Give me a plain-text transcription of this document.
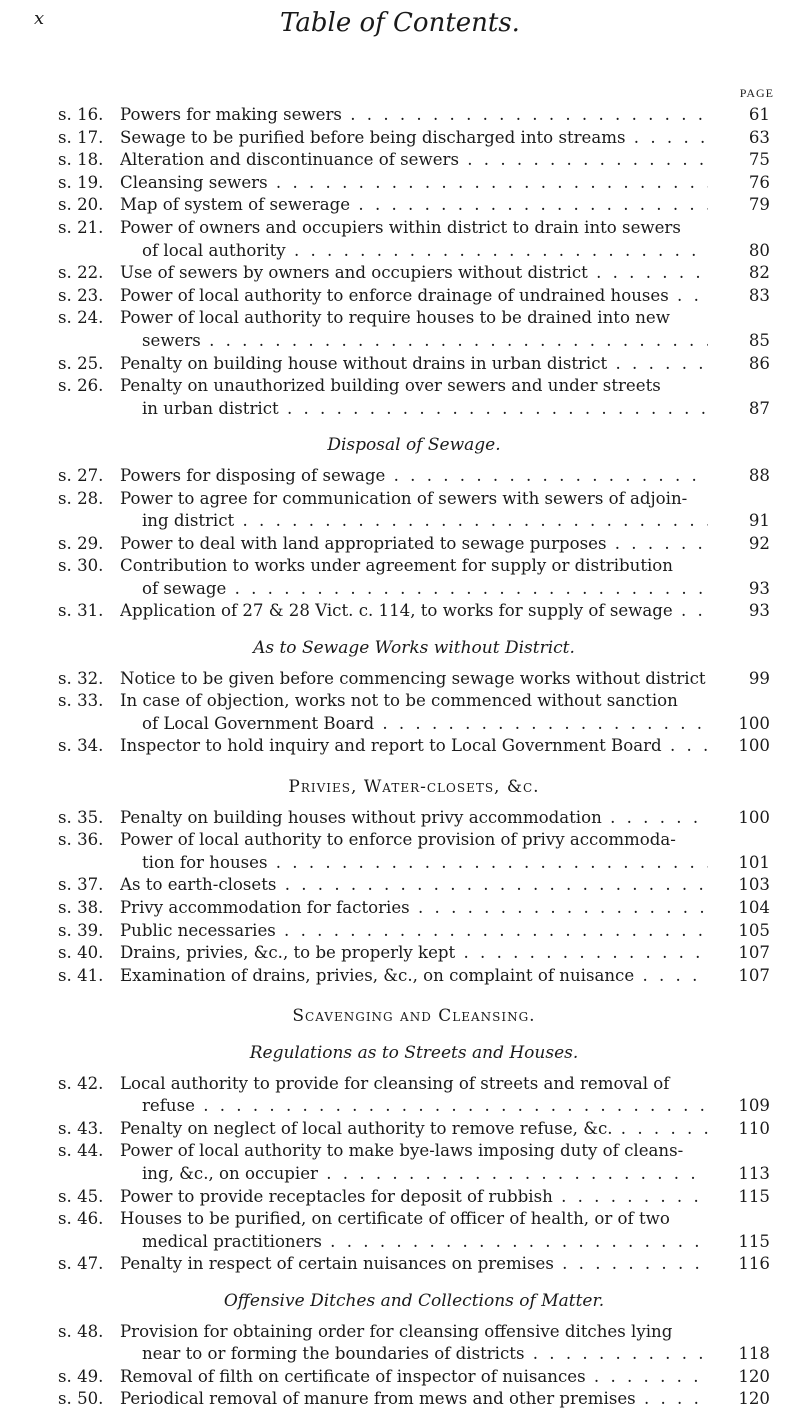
x	Table of Contents.
PAGE
s. 16. Powers for making sewers . . .	61
s. 17. Sewage to be purified before being discharged into streams . . .	63
s. 18. Alteration and discontinuance of sewers . . .	75
s. 19. Cleansing sewers . . .	76
s. 20. Map of system of sewerage . . .	79
s. 21. Power of owners and occupiers within district to drain into sewers
of local authority . . .	80
s. 22. Use of sewers by owners and occupiers without district . . .	82
s. 23. Power of local authority to enforce drainage of undrained houses . . .	83
s. 24. Power of local authority to require houses to be drained into new
sewers . . .	85
s. 25. Penalty on building house without drains in urban district . . .	86
s. 26. Penalty on unauthorized building over sewers and under streets
in urban district . . .	87
Disposal of Sewage.
s. 27. Powers for disposing of sewage . . .	88
s. 28. Power to agree for communication of sewers with sewers of adjoin-
ing district . . .	91
s. 29. Power to deal with land appropriated to sewage purposes . . .	92
s. 30. Contribution to works under agreement for supply or distribution
of sewage . . .	93
s. 31. Application of 27 & 28 Vict. c. 114, to works for supply of sewage . . .	93
As to Sewage Works without District.
s. 32. Notice to be given before commencing sewage works without district . . .	99
s. 33. In case of objection, works not to be commenced without sanction
of Local Government Board . . .	100
s. 34. Inspector to hold inquiry and report to Local Government Board . . .	100
Privies, Water-closets, &c.
s. 35. Penalty on building houses without privy accommodation . . .	100
s. 36. Power of local authority to enforce provision of privy accommoda-
tion for houses . . .	101
s. 37. As to earth-closets . . .	103
s. 38. Privy accommodation for factories . . .	104
s. 39. Public necessaries . . .	105
s. 40. Drains, privies, &c., to be properly kept . . .	107
s. 41. Examination of drains, privies, &c., on complaint of nuisance . . .	107
Scavenging and Cleansing.
Regulations as to Streets and Houses.
s. 42. Local authority to provide for cleansing of streets and removal of
refuse . . .	109
s. 43. Penalty on neglect of local authority to remove refuse, &c. . . .	110
s. 44. Power of local authority to make bye-laws imposing duty of cleans-
ing, &c., on occupier . . .	113
s. 45. Power to provide receptacles for deposit of rubbish . . .	115
s. 46. Houses to be purified, on certificate of officer of health, or of two
medical practitioners . . .	115
s. 47. Penalty in respect of certain nuisances on premises . . .	116
Offensive Ditches and Collections of Matter.
s. 48. Provision for obtaining order for cleansing offensive ditches lying
near to or forming the boundaries of districts . . .	118
s. 49. Removal of filth on certificate of inspector of nuisances . . .	120
s. 50. Periodical removal of manure from mews and other premises . . .	120
